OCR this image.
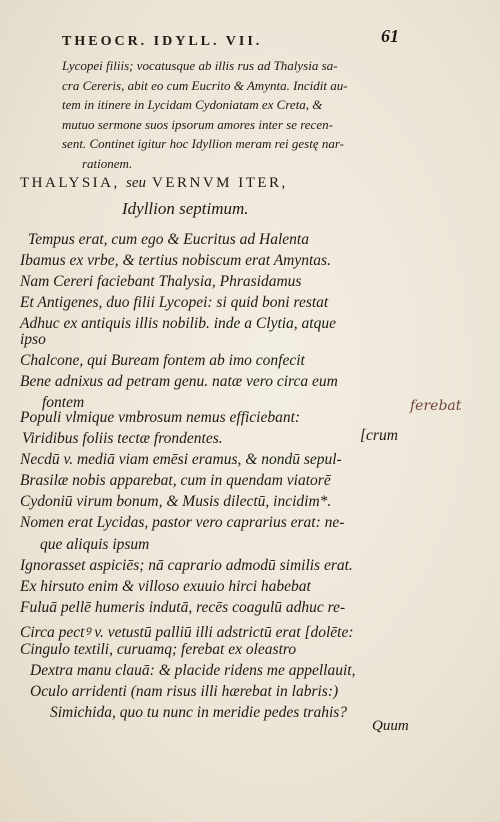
THEOCR. IDYLL. VII.	61
Lycopei filiis; vocatusque ab illis rus ad Thalysia sa-
cra Cereris, abit eo cum Eucrito & Amynta. Incidit au-
tem in itinere in Lycidam Cydoniatam ex Creta, &
mutuo sermone suos ipsorum amores inter se recen-
sent. Continet igitur hoc Idyllion meram rei gestę nar-
rationem.
THALYSIA, seu VERNVM ITER,
Idyllion septimum.
Tempus erat, cum ego & Eucritus ad Halenta
Ibamus ex vrbe, & tertius nobiscum erat Amyntas.
Nam Cereri faciebant Thalysia, Phrasidamus
Et Antigenes, duo filii Lycopei: si quid boni restat
Adhuc ex antiquis illis nobilib. inde a Clytia, atque
ipso
Chalcone, qui Buream fontem ab imo confecit
Bene adnixus ad petram genu. natæ vero circa eum
fontem
Populi vlmique vmbrosum nemus efficiebant:
Viridibus foliis tectæ frondentes.	[crum
Necdū v. mediā viam emēsi eramus, & nondū sepul-
Brasilæ nobis apparebat, cum in quendam viatorē
Cydoniū virum bonum, & Musis dilectū, incidim*.
Nomen erat Lycidas, pastor vero caprarius erat: ne-
que aliquis ipsum
Ignorasset aspiciēs; nā caprario admodū similis erat.
Ex hirsuto enim & villoso exuuio hirci habebat
Fuluā pellē humeris indutā, recēs coagulū adhuc re-
Circa pectꝰ v. vetustū palliū illi adstrictū erat [dolēte:
Cingulo textili, curuamq; ferebat ex oleastro
Dextra manu clauā: & placide ridens me appellauit,
Oculo arridenti (nam risus illi hærebat in labris:)
Simichida, quo tu nunc in meridie pedes trahis?
ferebat
Quum
